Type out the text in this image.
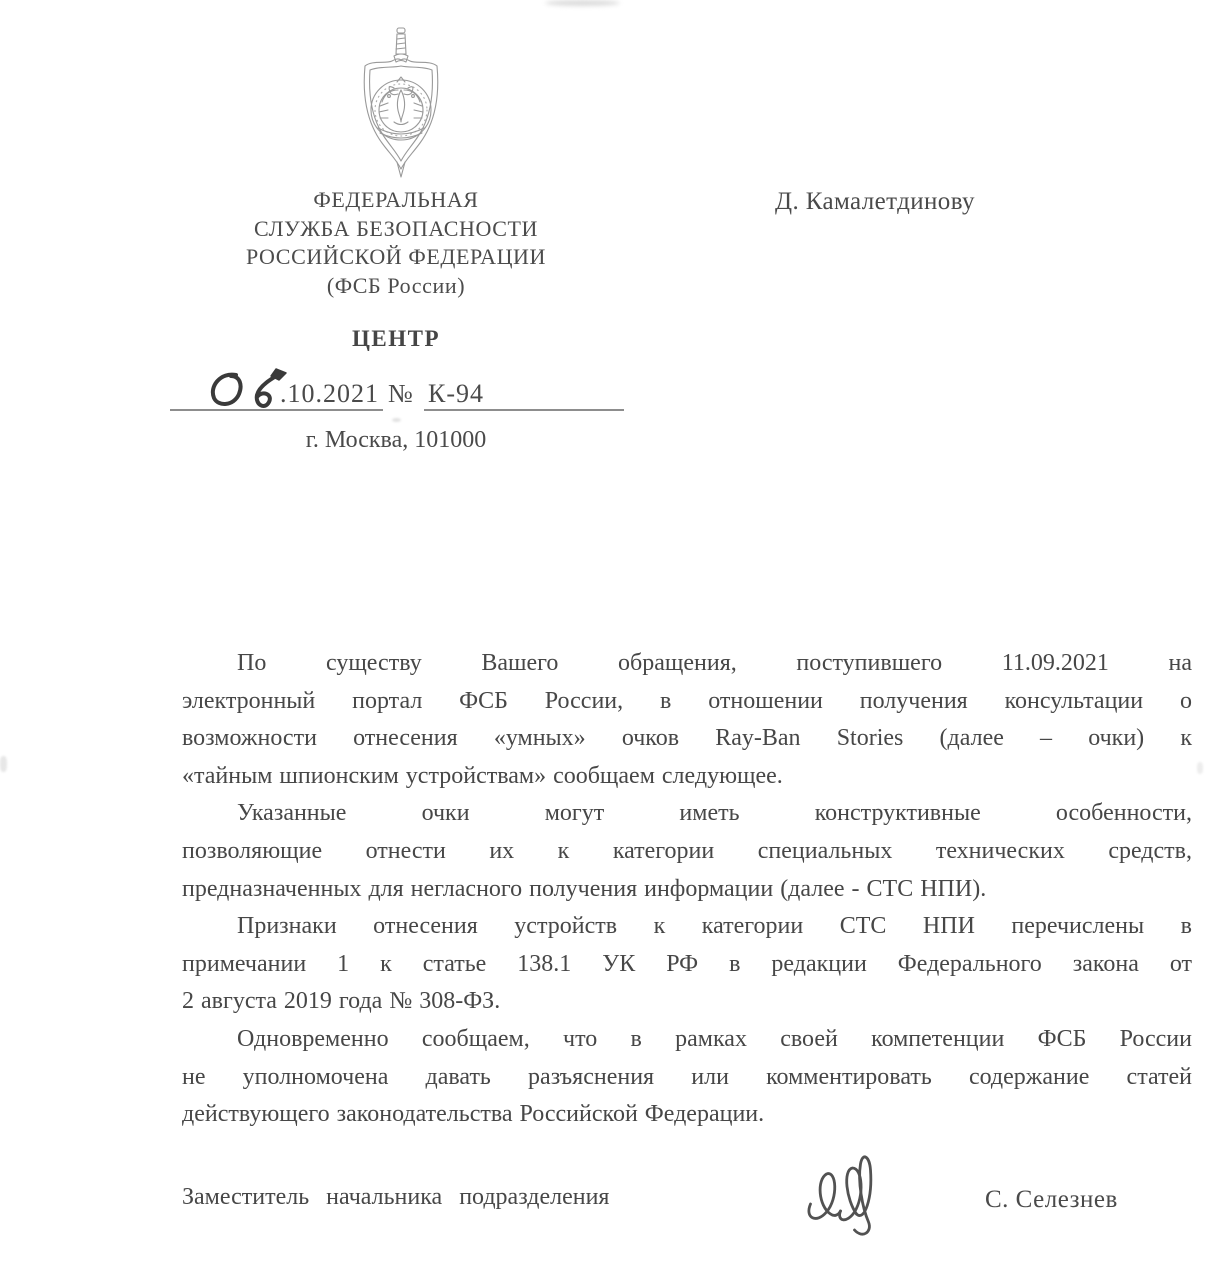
ФЕДЕРАЛЬНАЯ
СЛУЖБА БЕЗОПАСНОСТИ
РОССИЙСКОЙ ФЕДЕРАЦИИ
(ФСБ России)
ЦЕНТР
Д. Камалетдинову
.10.2021 № К-94
г. Москва, 101000
По существу Вашего обращения, поступившего 11.09.2021 на
электронный портал ФСБ России, в отношении получения консультации о
возможности отнесения «умных» очков Ray-Ban Stories (далее – очки) к
«тайным шпионским устройствам» сообщаем следующее.
Указанные очки могут иметь конструктивные особенности,
позволяющие отнести их к категории специальных технических средств,
предназначенных для негласного получения информации (далее - СТС НПИ).
Признаки отнесения устройств к категории СТС НПИ перечислены в
примечании 1 к статье 138.1 УК РФ в редакции Федерального закона от
2 августа 2019 года № 308-ФЗ.
Одновременно сообщаем, что в рамках своей компетенции ФСБ России
не уполномочена давать разъяснения или комментировать содержание статей
действующего законодательства Российской Федерации.
Заместитель начальника подразделения	С. Селезнев
